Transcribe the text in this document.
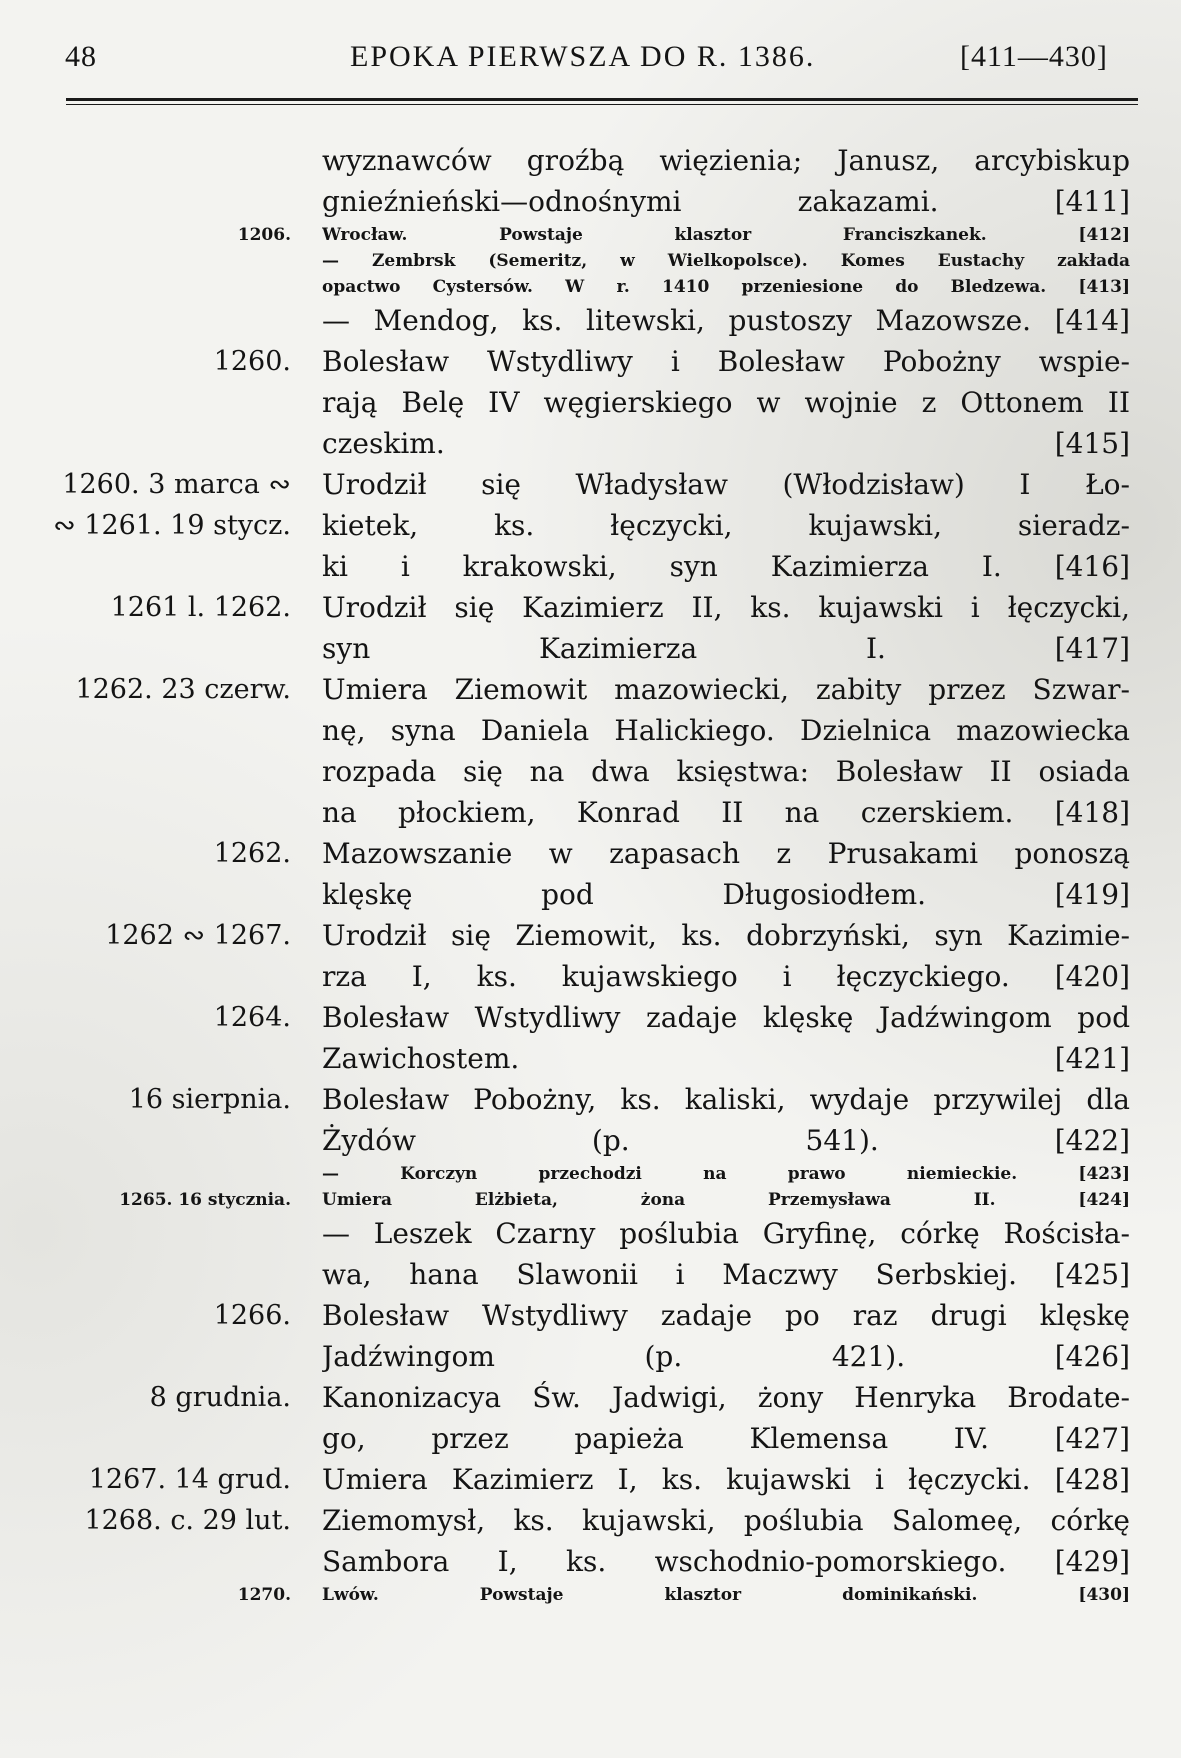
48	EPOKA PIERWSZA DO R. 1386.	[411—430]
wyznawców groźbą więzienia; Janusz, arcybiskup
gnieźnieński—odnośnymi zakazami. [411]
1206. Wrocław. Powstaje klasztor Franciszkanek. [412]
— Zembrsk (Semeritz, w Wielkopolsce). Komes Eustachy zakłada
opactwo Cystersów. W r. 1410 przeniesione do Bledzewa. [413]
— Mendog, ks. litewski, pustoszy Mazowsze. [414]
1260. Bolesław Wstydliwy i Bolesław Pobożny wspie-
rają Belę IV węgierskiego w wojnie z Ottonem II
czeskim. [415]
1260. 3 marca ∾ Urodził się Władysław (Włodzisław) I Ło-
∾ 1261. 19 stycz. kietek, ks. łęczycki, kujawski, sieradz-
ki i krakowski, syn Kazimierza I. [416]
1261 l. 1262. Urodził się Kazimierz II, ks. kujawski i łęczycki,
syn Kazimierza I. [417]
1262. 23 czerw. Umiera Ziemowit mazowiecki, zabity przez Szwar-
nę, syna Daniela Halickiego. Dzielnica mazowiecka
rozpada się na dwa księstwa: Bolesław II osiada
na płockiem, Konrad II na czerskiem. [418]
1262. Mazowszanie w zapasach z Prusakami ponoszą
klęskę pod Długosiodłem. [419]
1262 ∾ 1267. Urodził się Ziemowit, ks. dobrzyński, syn Kazimie-
rza I, ks. kujawskiego i łęczyckiego. [420]
1264. Bolesław Wstydliwy zadaje klęskę Jadźwingom pod
Zawichostem. [421]
16 sierpnia. Bolesław Pobożny, ks. kaliski, wydaje przywilej dla
Żydów (p. 541). [422]
— Korczyn przechodzi na prawo niemieckie. [423]
1265. 16 stycznia. Umiera Elżbieta, żona Przemysława II. [424]
— Leszek Czarny poślubia Gryfinę, córkę Rościsła-
wa, hana Slawonii i Maczwy Serbskiej. [425]
1266. Bolesław Wstydliwy zadaje po raz drugi klęskę
Jadźwingom (p. 421). [426]
8 grudnia. Kanonizacya Św. Jadwigi, żony Henryka Brodate-
go, przez papieża Klemensa IV. [427]
1267. 14 grud. Umiera Kazimierz I, ks. kujawski i łęczycki. [428]
1268. c. 29 lut. Ziemomysł, ks. kujawski, poślubia Salomeę, córkę
Sambora I, ks. wschodnio-pomorskiego. [429]
1270. Lwów. Powstaje klasztor dominikański. [430]
